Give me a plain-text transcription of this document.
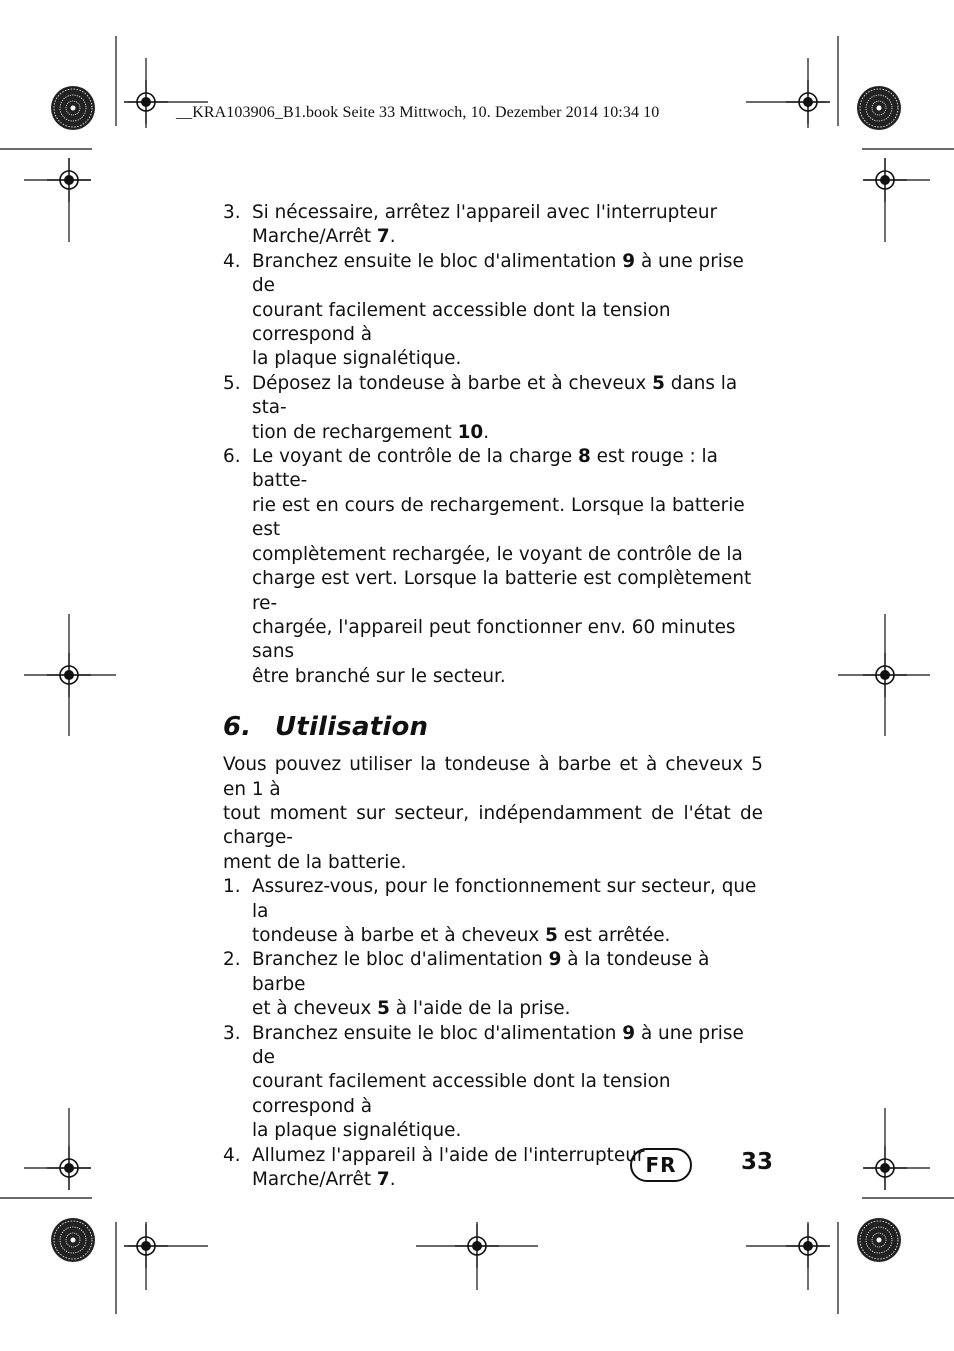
__KRA103906_B1.book Seite 33 Mittwoch, 10. Dezember 2014 10:34 10
3. Si nécessaire, arrêtez l'appareil avec l'interrupteur
Marche/Arrêt 7.
4. Branchez ensuite le bloc d'alimentation 9 à une prise de
courant facilement accessible dont la tension correspond à
la plaque signalétique.
5. Déposez la tondeuse à barbe et à cheveux 5 dans la sta-
tion de rechargement 10.
6. Le voyant de contrôle de la charge 8 est rouge : la batte-
rie est en cours de rechargement. Lorsque la batterie est
complètement rechargée, le voyant de contrôle de la
charge est vert. Lorsque la batterie est complètement re-
chargée, l'appareil peut fonctionner env. 60 minutes sans
être branché sur le secteur.
6. Utilisation

Vous pouvez utiliser la tondeuse à barbe et à cheveux 5 en 1 à
tout moment sur secteur, indépendamment de l'état de charge-
ment de la batterie.

1. Assurez-vous, pour le fonctionnement sur secteur, que la
tondeuse à barbe et à cheveux 5 est arrêtée.
2. Branchez le bloc d'alimentation 9 à la tondeuse à barbe
et à cheveux 5 à l'aide de la prise.
3. Branchez ensuite le bloc d'alimentation 9 à une prise de
courant facilement accessible dont la tension correspond à
la plaque signalétique.
4. Allumez l'appareil à l'aide de l'interrupteur Marche/Arrêt 7.
FR	33
